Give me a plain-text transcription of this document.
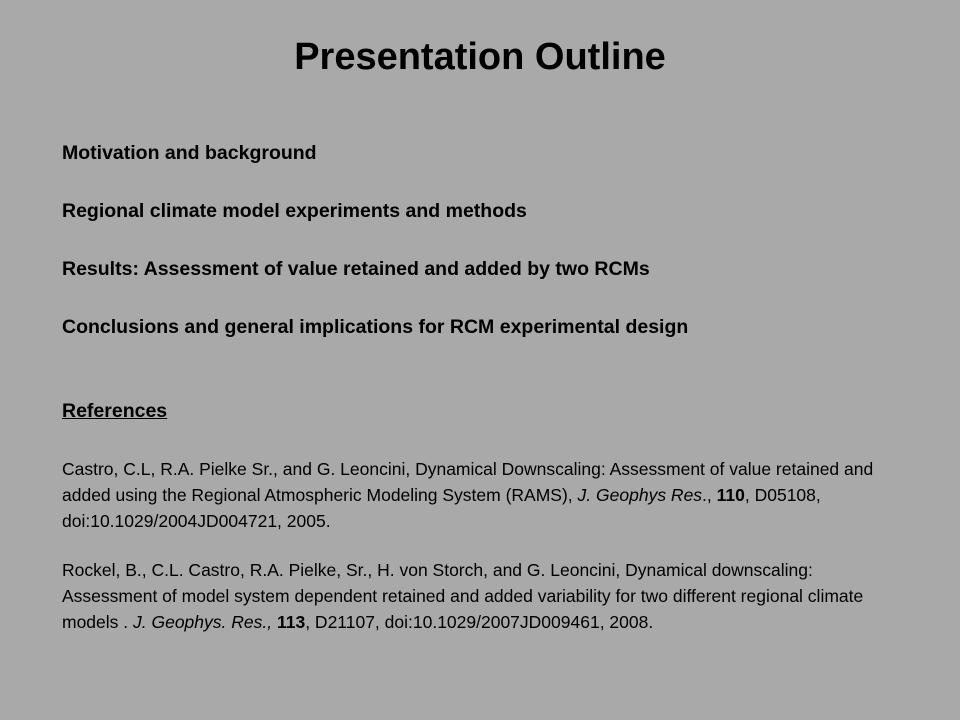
Presentation Outline
Motivation and background
Regional climate model experiments and methods
Results: Assessment of value retained and added by two RCMs
Conclusions and general implications for RCM experimental design

References

Castro, C.L, R.A. Pielke Sr., and G. Leoncini, Dynamical Downscaling: Assessment of value retained and added using the Regional Atmospheric Modeling System (RAMS), J. Geophys Res., 110, D05108, doi:10.1029/2004JD004721, 2005.

Rockel, B., C.L. Castro, R.A. Pielke, Sr., H. von Storch, and G. Leoncini, Dynamical downscaling: Assessment of model system dependent retained and added variability for two different regional climate models . J. Geophys. Res., 113, D21107, doi:10.1029/2007JD009461, 2008.
